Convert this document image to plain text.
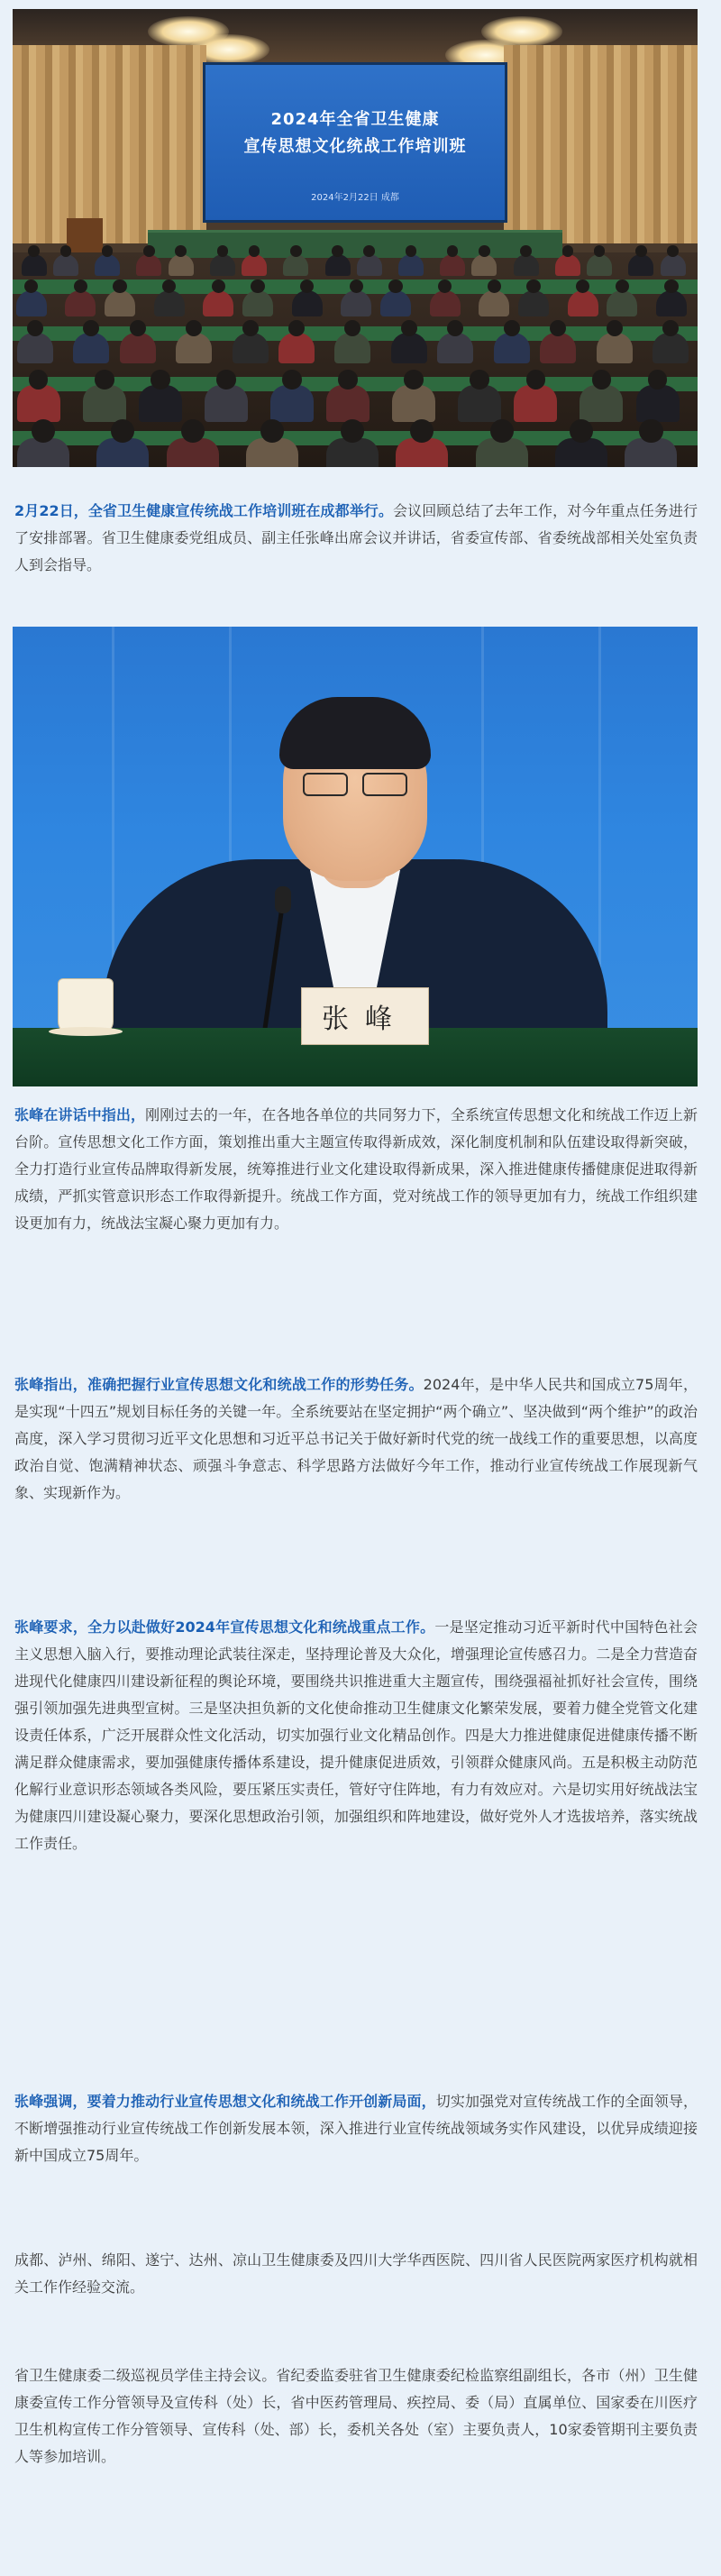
2024年全省卫生健康
宣传思想文化统战工作培训班
2024年2月22日 成都
2月22日，全省卫生健康宣传统战工作培训班在成都举行。会议回顾总结了去年工作，对今年重点任务进行了安排部署。省卫生健康委党组成员、副主任张峰出席会议并讲话，省委宣传部、省委统战部相关处室负责人到会指导。
张峰
张峰在讲话中指出，刚刚过去的一年，在各地各单位的共同努力下，全系统宣传思想文化和统战工作迈上新台阶。宣传思想文化工作方面，策划推出重大主题宣传取得新成效，深化制度机制和队伍建设取得新突破，全力打造行业宣传品牌取得新发展，统筹推进行业文化建设取得新成果，深入推进健康传播健康促进取得新成绩，严抓实管意识形态工作取得新提升。统战工作方面，党对统战工作的领导更加有力，统战工作组织建设更加有力，统战法宝凝心聚力更加有力。
张峰指出，准确把握行业宣传思想文化和统战工作的形势任务。2024年，是中华人民共和国成立75周年，是实现“十四五”规划目标任务的关键一年。全系统要站在坚定拥护“两个确立”、坚决做到“两个维护”的政治高度，深入学习贯彻习近平文化思想和习近平总书记关于做好新时代党的统一战线工作的重要思想，以高度政治自觉、饱满精神状态、顽强斗争意志、科学思路方法做好今年工作，推动行业宣传统战工作展现新气象、实现新作为。
张峰要求，全力以赴做好2024年宣传思想文化和统战重点工作。一是坚定推动习近平新时代中国特色社会主义思想入脑入行，要推动理论武装往深走，坚持理论普及大众化，增强理论宣传感召力。二是全力营造奋进现代化健康四川建设新征程的舆论环境，要围绕共识推进重大主题宣传，围绕强福祉抓好社会宣传，围绕强引领加强先进典型宣树。三是坚决担负新的文化使命推动卫生健康文化繁荣发展，要着力健全党管文化建设责任体系，广泛开展群众性文化活动，切实加强行业文化精品创作。四是大力推进健康促进健康传播不断满足群众健康需求，要加强健康传播体系建设，提升健康促进质效，引领群众健康风尚。五是积极主动防范化解行业意识形态领域各类风险，要压紧压实责任，管好守住阵地，有力有效应对。六是切实用好统战法宝为健康四川建设凝心聚力，要深化思想政治引领，加强组织和阵地建设，做好党外人才选拔培养，落实统战工作责任。
张峰强调，要着力推动行业宣传思想文化和统战工作开创新局面，切实加强党对宣传统战工作的全面领导，不断增强推动行业宣传统战工作创新发展本领，深入推进行业宣传统战领域务实作风建设，以优异成绩迎接新中国成立75周年。
成都、泸州、绵阳、遂宁、达州、凉山卫生健康委及四川大学华西医院、四川省人民医院两家医疗机构就相关工作作经验交流。
省卫生健康委二级巡视员学佳主持会议。省纪委监委驻省卫生健康委纪检监察组副组长，各市（州）卫生健康委宣传工作分管领导及宣传科（处）长，省中医药管理局、疾控局、委（局）直属单位、国家委在川医疗卫生机构宣传工作分管领导、宣传科（处、部）长，委机关各处（室）主要负责人，10家委管期刊主要负责人等参加培训。
